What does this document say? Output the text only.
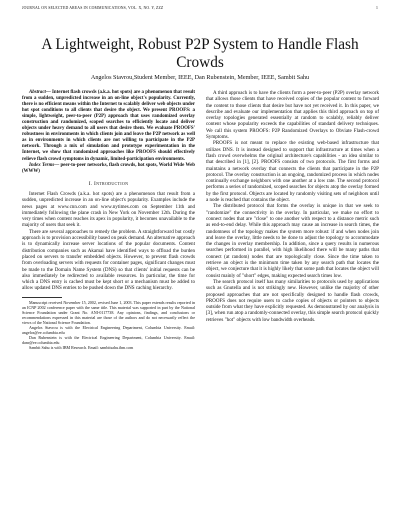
JOURNAL ON SELECTED AREAS IN COMMUNICATIONS, VOL. X, NO. Y, ZZZ	1
A Lightweight, Robust P2P System to Handle Flash Crowds
Angelos Stavrou,Student Member, IEEE, Dan Rubenstein, Member, IEEE, Sambit Sahu

Abstract— Internet flash crowds (a.k.a. hot spots) are a phenomenon that result from a sudden, unpredicted increase in an on-line object's popularity. Currently, there is no efficient means within the Internet to scalably deliver web objects under hot spot conditions to all clients that desire the object. We present PROOFS: a simple, lightweight, peer-to-peer (P2P) approach that uses randomized overlay construction and randomized, scoped searches to efficiently locate and deliver objects under heavy demand to all users that desire them. We evaluate PROOFS' robustness in environments in which clients join and leave the P2P network as well as in environments in which clients are not willing to participate in the P2P network. Through a mix of simulation and prototype experimentation in the Internet, we show that randomized approaches like PROOFS should effectively relieve flash crowd symptoms in dynamic, limited-participation environments.

Index Terms— peer-to-peer networks, flash crowds, hot spots, World Wide Web (WWW)

I. Introduction

Internet Flash Crowds (a.k.a. hot spots) are a phenomenon that result from a sudden, unpredicted increase in an on-line object's popularity. Examples include the news pages at www.cnn.com and www.nytimes.com on September 11th and immediately following the plane crash in New York on November 12th. During the very times when content reaches its apex in popularity, it becomes unavailable to the majority of users that seek it.

There are several approaches to remedy the problem. A straightforward but costly approach is to provision accessibility based on peak demand. An alternative approach is to dynamically increase server locations of the popular documents. Content distribution companies such as Akamai have identified ways to offload the burden placed on servers to transfer embedded objects. However, to prevent flash crowds from overloading servers with requests for container pages, significant changes must be made to the Domain Name System (DNS) so that clients' initial requests can be also immediately be redirected to available resources. In particular, the time for which a DNS entry is cached must be kept short or a mechanism must be added to allow updated DNS entries to be pushed down the DNS caching hierarchy.

Manuscript received November 15, 2002, revised June 1, 2003. This paper extends results reported in an ICNP 2002 conference paper with the same title. This material was supported in part by the National Science Foundation under Grant No. ANI-0117738. Any opinions, findings, and conclusions or recommendations expressed in this material are those of the authors and do not necessarily reflect the views of the National Science Foundation.

Angelos Stavrou is with the Electrical Engineering Department, Columbia University. Email: angelos@ee.columbia.edu

Dan Rubenstein is with the Electrical Engineering Department, Columbia University. Email: danr@ee.columbia.edu

Sambit Sahu is with IBM Research. Email: sambitsahu.ibm.com

A third approach is to have the clients form a peer-to-peer (P2P) overlay network that allows those clients that have received copies of the popular content to forward the content to those clients that desire but have not yet received it. In this paper, we describe and evaluate our implementation that applies this third approach on top of overlay topologies generated essentially at random to scalably, reliably deliver content whose popularity exceeds the capabilities of standard delivery techniques. We call this system PROOFS: P2P Randomized Overlays to Obviate Flash-crowd Symptoms.

PROOFS is not meant to replace the existing web-based infrastructure that utilizes DNS. It is instead designed to support that infrastructure at times when a flash crowd overwhelms the original architecture's capabilities - an idea similar to that described in [1], [2]. PROOFS consists of two protocols. The first forms and maintains a network overlay that connects the clients that participate in the P2P protocol. The overlay construction is an ongoing, randomized process in which nodes continually exchange neighbors with one another at a low rate. The second protocol performs a series of randomized, scoped searches for objects atop the overlay formed by the first protocol. Objects are located by randomly visiting sets of neighbors until a node is reached that contains the object.

The distributed protocol that forms the overlay is unique in that we seek to "randomize" the connectivity in the overlay. In particular, we make no effort to connect nodes that are "close" to one another with respect to a distance metric such as end-to-end delay. While this approach may cause an increase in search times, the randomness of the topology makes the system more robust: if and when nodes join and leave the overlay, little needs to be done to adjust the topology to accommodate the changes in overlay membership. In addition, since a query results in numerous searches performed in parallel, with high likelihood there will be many paths that connect (at random) nodes that are topologically close. Since the time taken to retrieve an object is the minimum time taken by any search path that locates the object, we conjecture that it is highly likely that some path that locates the object will consist mainly of "short" edges, making expected search times low.

The search protocol itself has many similarities to protocols used by applications such as Gnutella and is not strikingly new. However, unlike the majority of other proposed approaches that are not specifically designed to handle flash crowds, PROOFS does not require users to cache copies of objects or pointers to objects outside from what they have explicitly requested. As demonstrated by our analysis in [3], when run atop a randomly-connected overlay, this simple search protocol quickly retrieves "hot" objects with low bandwidth overheads.
